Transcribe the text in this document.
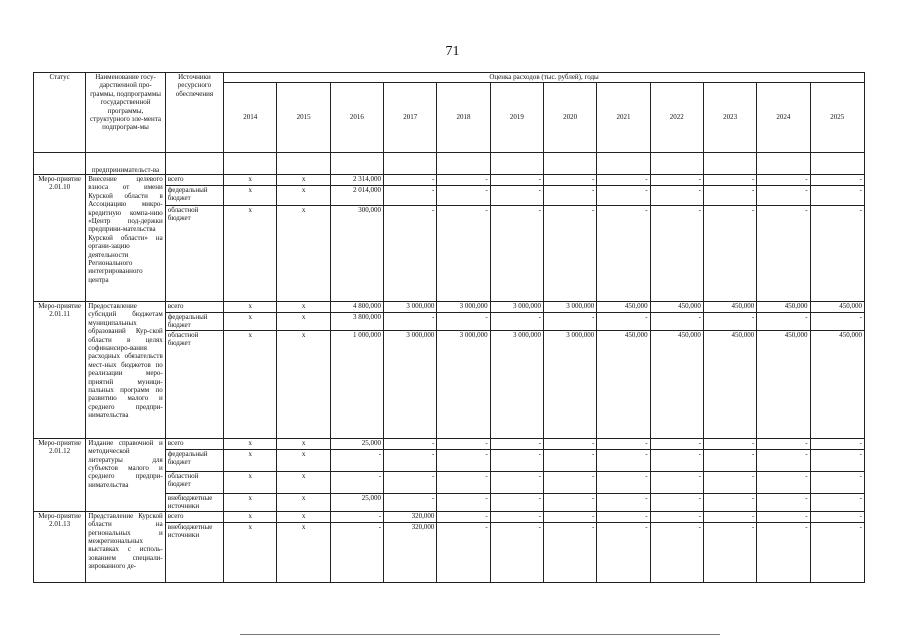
71
Статус	Наименование госу-дарственной про-граммы, подпрограммы государственной программы, структурного эле-мента подпрограм-мы	Источники ресурсного обеспечения	Оценка расходов (тыс. рублей), годы											
			2014	2015	2016	2017	2018	2019	2020	2021	2022	2023	2024	2025
	предпринимательст-ва													
Меро-приятие 2.01.10	Внесение целевого взноса от имени Курской области в Ассоциацию микро-кредитную компа-нию «Центр под-держки предприни-мательства Курской области» на органи-зацию деятельности Регионального интегрированного центра	всего	х	х	2 314,000	-	-	-	-	-	-	-	-	-
		федеральный бюджет	х	х	2 014,000	-	-	-	-	-	-	-	-	-
		областной бюджет	х	х	300,000	-	-	-	-	-	-	-	-	-
Меро-приятие 2.01.11	Предоставление субсидий бюджетам муниципальных образований Кур-ской области в целях софинансиро-вания расходных обязательств мест-ных бюджетов по реализации меро-приятий муници-пальных программ по развитию малого и среднего предпри-нимательства	всего	х	х	4 800,000	3 000,000	3 000,000	3 000,000	3 000,000	450,000	450,000	450,000	450,000	450,000
		федеральный бюджет	х	х	3 800,000	-	-	-	-	-	-	-	-	-
		областной бюджет	х	х	1 000,000	3 000,000	3 000,000	3 000,000	3 000,000	450,000	450,000	450,000	450,000	450,000
Меро-приятие 2.01.12	Издание справочной и методической литературы для субъектов малого и среднего предпри-нимательства	всего	х	х	25,000	-	-	-	-	-	-	-	-	-
		федеральный бюджет	х	х	-	-	-	-	-	-	-	-	-	-
		областной бюджет	х	х	-	-	-	-	-	-	-	-	-	-
		внебюджетные источники	х	х	25,000	-	-	-	-	-	-	-	-	-
Меро-приятие 2.01.13	Представление Курской области на региональных и межрегиональных выставках с исполь-зованием специали-зированного де-	всего	х	х	-	320,000	-	-	-	-	-	-	-	-
		внебюджетные источники	х	х	-	320,000	-	-	-	-	-	-	-	-
